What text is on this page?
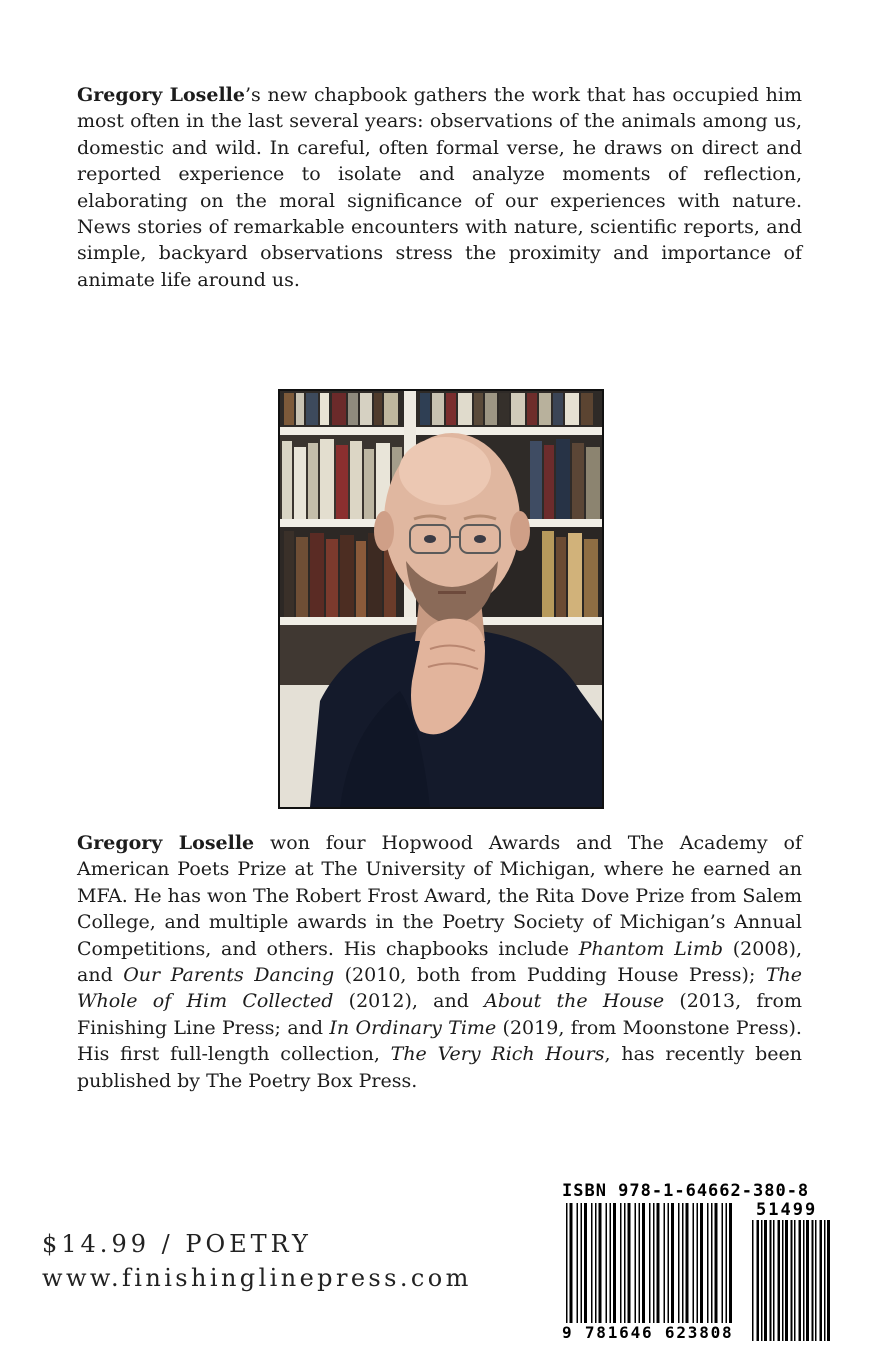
Gregory Loselle’s new chapbook gathers the work that has occupied him most often in the last several years: observations of the animals among us, domestic and wild. In careful, often formal verse, he draws on direct and reported experience to isolate and analyze moments of reflection, elaborating on the moral significance of our experiences with nature. News stories of remarkable encounters with nature, scientific reports, and simple, backyard observations stress the proximity and importance of animate life around us.

Gregory Loselle won four Hopwood Awards and The Academy of American Poets Prize at The University of Michigan, where he earned an MFA. He has won The Robert Frost Award, the Rita Dove Prize from Salem College, and multiple awards in the Poetry Society of Michigan’s Annual Competitions, and others. His chapbooks include Phantom Limb (2008), and Our Parents Dancing (2010, both from Pudding House Press); The Whole of Him Collected (2012), and About the House (2013, from Finishing Line Press; and In Ordinary Time (2019, from Moonstone Press). His first full-length collection, The Very Rich Hours, has recently been published by The Poetry Box Press.

$14.99 / POETRY

www.finishinglinepress.com

ISBN 978-1-64662-380-8

51499

9 781646 623808
